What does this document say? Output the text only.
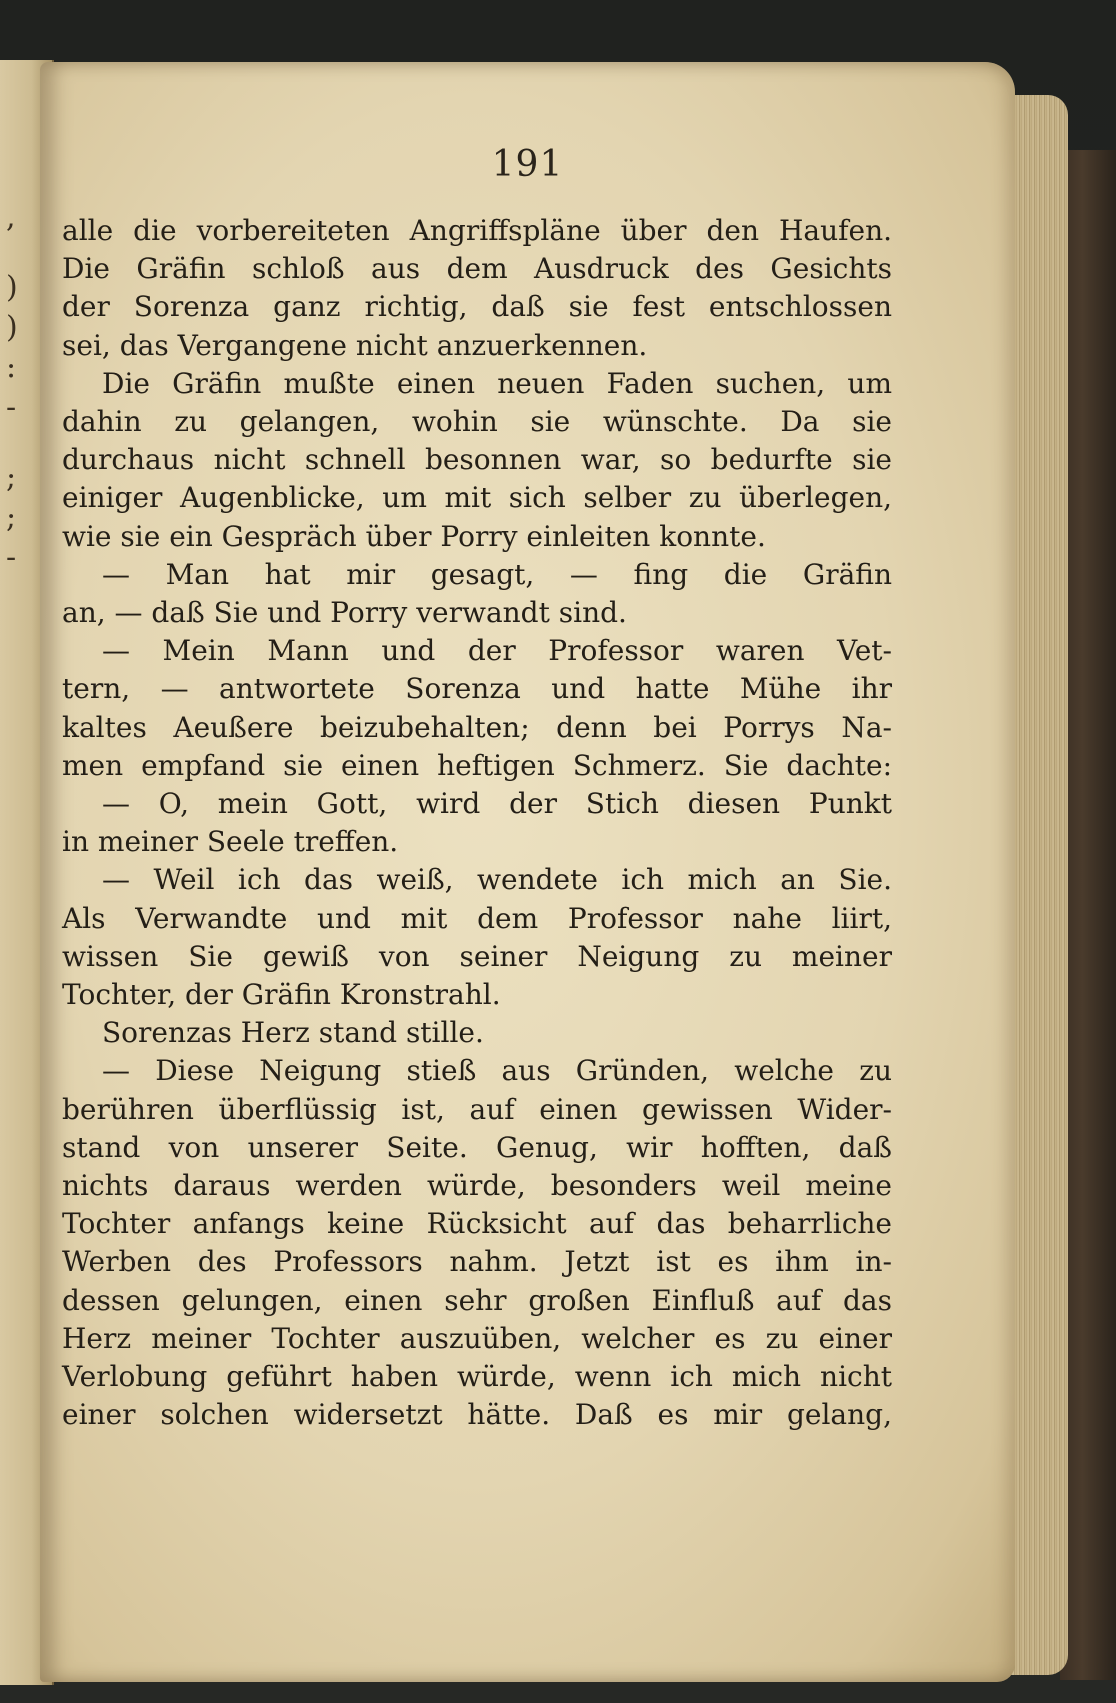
,
)
)
:
-
;
;
-
191
alle die vorbereiteten Angriffspläne über den Haufen.
Die Gräfin schloß aus dem Ausdruck des Gesichts
der Sorenza ganz richtig, daß sie fest entschlossen
sei, das Vergangene nicht anzuerkennen.
Die Gräfin mußte einen neuen Faden suchen, um
dahin zu gelangen, wohin sie wünschte. Da sie
durchaus nicht schnell besonnen war, so bedurfte sie
einiger Augenblicke, um mit sich selber zu überlegen,
wie sie ein Gespräch über Porry einleiten konnte.
— Man hat mir gesagt, — fing die Gräfin
an, — daß Sie und Porry verwandt sind.
— Mein Mann und der Professor waren Vet-
tern, — antwortete Sorenza und hatte Mühe ihr
kaltes Aeußere beizubehalten; denn bei Porrys Na-
men empfand sie einen heftigen Schmerz. Sie dachte:
— O, mein Gott, wird der Stich diesen Punkt
in meiner Seele treffen.
— Weil ich das weiß, wendete ich mich an Sie.
Als Verwandte und mit dem Professor nahe liirt,
wissen Sie gewiß von seiner Neigung zu meiner
Tochter, der Gräfin Kronstrahl.
Sorenzas Herz stand stille.
— Diese Neigung stieß aus Gründen, welche zu
berühren überflüssig ist, auf einen gewissen Wider-
stand von unserer Seite. Genug, wir hofften, daß
nichts daraus werden würde, besonders weil meine
Tochter anfangs keine Rücksicht auf das beharrliche
Werben des Professors nahm. Jetzt ist es ihm in-
dessen gelungen, einen sehr großen Einfluß auf das
Herz meiner Tochter auszuüben, welcher es zu einer
Verlobung geführt haben würde, wenn ich mich nicht
einer solchen widersetzt hätte. Daß es mir gelang,
